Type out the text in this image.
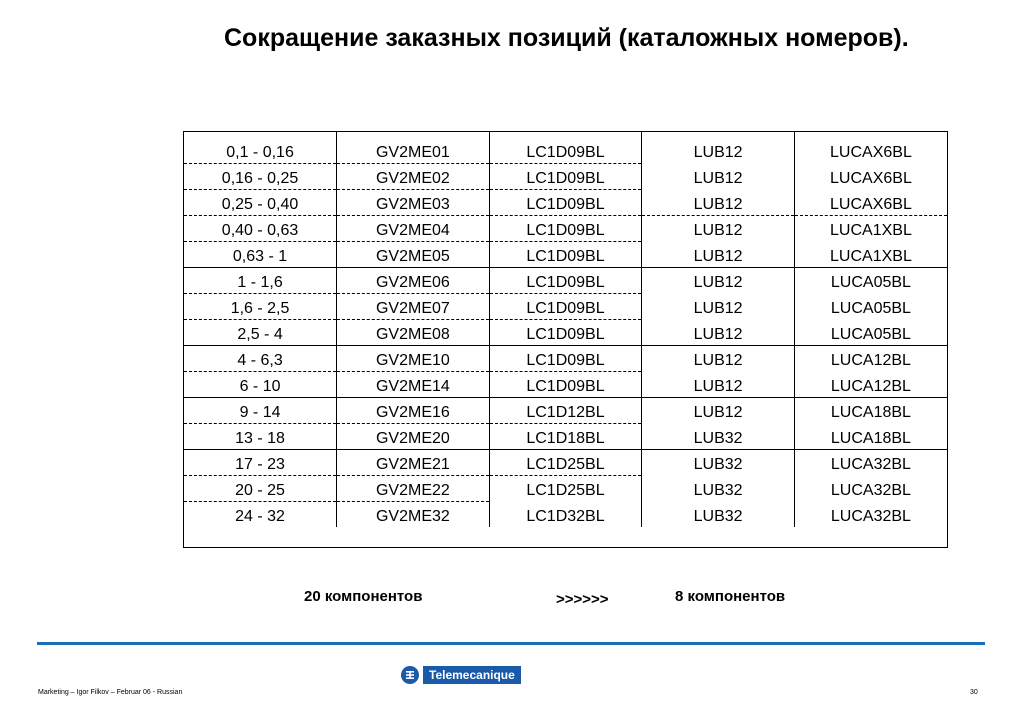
Сокращение заказных позиций (каталожных номеров).
0,1 - 0,16	GV2ME01	LC1D09BL	LUB12	LUCAX6BL
0,16 - 0,25	GV2ME02	LC1D09BL	LUB12	LUCAX6BL
0,25 - 0,40	GV2ME03	LC1D09BL	LUB12	LUCAX6BL
0,40 - 0,63	GV2ME04	LC1D09BL	LUB12	LUCA1XBL
0,63 - 1	GV2ME05	LC1D09BL	LUB12	LUCA1XBL
1 - 1,6	GV2ME06	LC1D09BL	LUB12	LUCA05BL
1,6 - 2,5	GV2ME07	LC1D09BL	LUB12	LUCA05BL
2,5 - 4	GV2ME08	LC1D09BL	LUB12	LUCA05BL
4 - 6,3	GV2ME10	LC1D09BL	LUB12	LUCA12BL
6 - 10	GV2ME14	LC1D09BL	LUB12	LUCA12BL
9 - 14	GV2ME16	LC1D12BL	LUB12	LUCA18BL
13 - 18	GV2ME20	LC1D18BL	LUB32	LUCA18BL
17 - 23	GV2ME21	LC1D25BL	LUB32	LUCA32BL
20 - 25	GV2ME22	LC1D25BL	LUB32	LUCA32BL
24 - 32	GV2ME32	LC1D32BL	LUB32	LUCA32BL
20 компонентов	>>>>>>	8 компонентов
Telemecanique
Marketing – Igor Filkov – Februar 06 - Russian	30
